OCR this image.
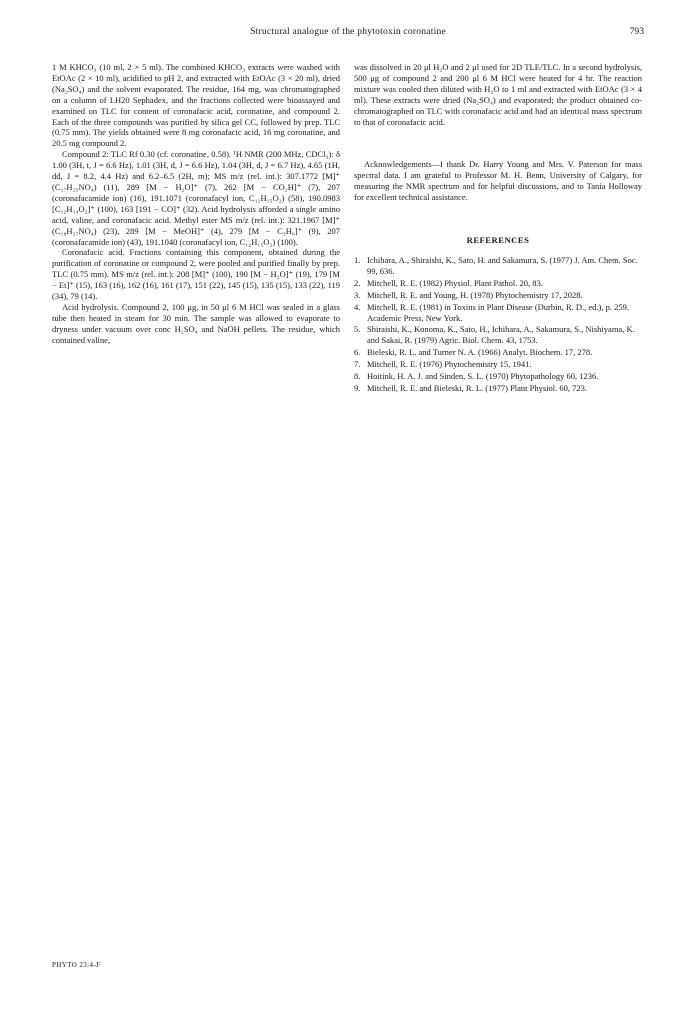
Structural analogue of the phytotoxin coronatine	793

1 M KHCO₃ (10 ml, 2 × 5 ml). The combined KHCO₃ extracts were washed with EtOAc (2 × 10 ml), acidified to pH 2, and extracted with EtOAc (3 × 20 ml), dried (Na₂SO₄) and the solvent evaporated. The residue, 164 mg, was chromatographed on a column of LH20 Sephadex, and the fractions collected were bioassayed and examined on TLC for content of coronafacic acid, coronatine, and compound 2. Each of the three compounds was purified by silica gel CC, followed by prep. TLC (0.75 mm). The yields obtained were 8 mg coronafacic acid, 16 mg coronatine, and 20.5 mg compound 2.

Compound 2: TLC Rf 0.30 (cf. coronatine, 0.58). ¹H NMR (200 MHz, CDCl₃): δ 1.00 (3H, t, J = 6.6 Hz), 1.01 (3H, d, J = 6.6 Hz), 1.04 (3H, d, J = 6.7 Hz), 4.65 (1H, dd, J = 8.2, 4.4 Hz) and 6.2–6.5 (2H, m); MS m/z (rel. int.): 307.1772 [M]⁺ (C₁₇H₂₅NO₄) (11), 289 [M − H₂O]⁺ (7), 262 [M − CO₂H]⁺ (7), 207 (coronafacamide ion) (16), 191.1071 (coronafacyl ion, C₁₂H₁₅O₂) (58), 190.0983 [C₁₂H₁₄O₂]⁺ (100), 163 [191 − CO]⁺ (32). Acid hydrolysis afforded a single amino acid, valine, and coronafacic acid. Methyl ester MS m/z (rel. int.): 321.1967 [M]⁺ (C₁₈H₂₇NO₄) (23), 289 [M − MeOH]⁺ (4), 279 [M − C₃H₆]⁺ (9), 207 (coronafacamide ion) (43), 191.1040 (coronafacyl ion, C₁₂H₁₅O₂) (100).

Coronafacic acid. Fractions containing this component, obtained during the purification of coronatine or compound 2, were pooled and purified finally by prep. TLC (0.75 mm). MS m/z (rel. int.): 208 [M]⁺ (100), 190 [M − H₂O]⁺ (19), 179 [M − Et]⁺ (15), 163 (16), 162 (16), 161 (17), 151 (22), 145 (15), 135 (15), 133 (22), 119 (34), 79 (14).

Acid hydrolysis. Compound 2, 100 μg, in 50 μl 6 M HCl was sealed in a glass tube then heated in steam for 30 min. The sample was allowed to evaporate to dryness under vacuum over conc H₂SO₄ and NaOH pellets. The residue, which contained valine,

was dissolved in 20 μl H₂O and 2 μl used for 2D TLE/TLC. In a second hydrolysis, 500 μg of compound 2 and 200 μl 6 M HCl were heated for 4 hr. The reaction mixture was cooled then diluted with H₂O to 1 ml and extracted with EtOAc (3 × 4 ml). These extracts were dried (Na₂SO₄) and evaporated; the product obtained co-chromatographed on TLC with coronafacic acid and had an identical mass spectrum to that of coronafacic acid.

Acknowledgements—I thank Dr. Harry Young and Mrs. V. Paterson for mass spectral data. I am grateful to Professor M. H. Benn, University of Calgary, for measuring the NMR spectrum and for helpful discussions, and to Tania Holloway for excellent technical assistance.

REFERENCES
1. Ichihara, A., Shiraishi, K., Sato, H. and Sakamura, S. (1977) J. Am. Chem. Soc. 99, 636.
2. Mitchell, R. E. (1982) Physiol. Plant Pathol. 20, 83.
3. Mitchell, R. E. and Young, H. (1978) Phytochemistry 17, 2028.
4. Mitchell, R. E. (1981) in Toxins in Plant Disease (Durbin, R. D., ed.), p. 259. Academic Press, New York.
5. Shiraishi, K., Konoma, K., Sato, H., Ichihara, A., Sakamura, S., Nishiyama, K. and Sakai, R. (1979) Agric. Biol. Chem. 43, 1753.
6. Bieleski, R. L. and Turner N. A. (1966) Analyt. Biochem. 17, 278.
7. Mitchell, R. E. (1976) Phytochemistry 15, 1941.
8. Hoitink, H. A. J. and Sinden, S. L. (1970) Phytopathology 60, 1236.
9. Mitchell, R. E. and Bieleski, R. L. (1977) Plant Physiol. 60, 723.
PHYTO 23:4-F
